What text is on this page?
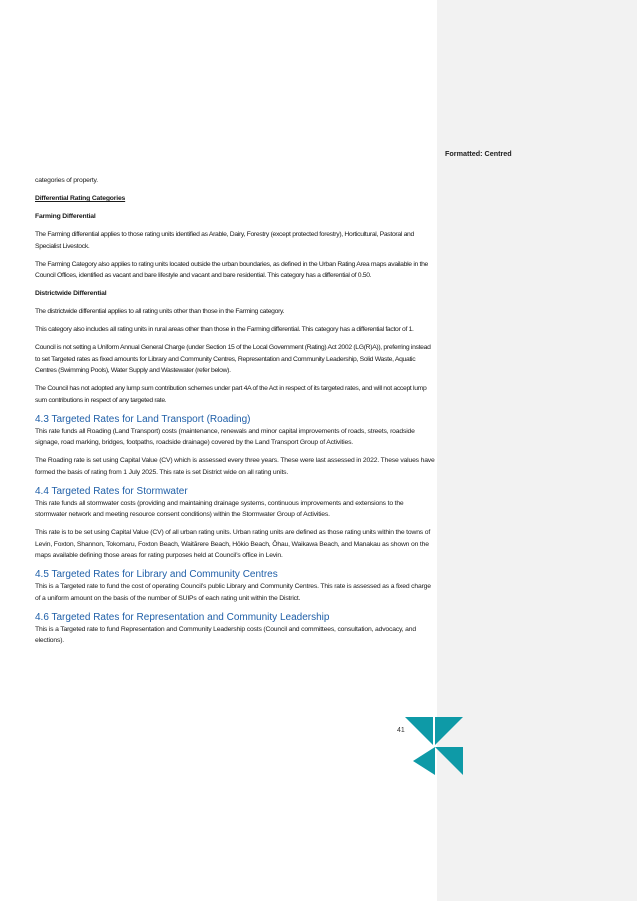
Formatted: Centred

categories of property.

Differential Rating Categories

Farming Differential

The Farming differential applies to those rating units identified as Arable, Dairy, Forestry (except protected forestry), Horticultural, Pastoral and Specialist Livestock.

The Farming Category also applies to rating units located outside the urban boundaries, as defined in the Urban Rating Area maps available in the Council Offices, identified as vacant and bare lifestyle and vacant and bare residential. This category has a differential of 0.50.

Districtwide Differential

The districtwide differential applies to all rating units other than those in the Farming category.

This category also includes all rating units in rural areas other than those in the Farming differential. This category has a differential factor of 1.

Council is not setting a Uniform Annual General Charge (under Section 15 of the Local Government (Rating) Act 2002 (LG(R)A)), preferring instead to set Targeted rates as fixed amounts for Library and Community Centres, Representation and Community Leadership, Solid Waste, Aquatic Centres (Swimming Pools), Water Supply and Wastewater (refer below).

The Council has not adopted any lump sum contribution schemes under part 4A of the Act in respect of its targeted rates, and will not accept lump sum contributions in respect of any targeted rate.

4.3 Targeted Rates for Land Transport (Roading)

This rate funds all Roading (Land Transport) costs (maintenance, renewals and minor capital improvements of roads, streets, roadside signage, road marking, bridges, footpaths, roadside drainage) covered by the Land Transport Group of Activities.

The Roading rate is set using Capital Value (CV) which is assessed every three years. These were last assessed in 2022. These values have formed the basis of rating from 1 July 2025. This rate is set District wide on all rating units.

4.4 Targeted Rates for Stormwater

This rate funds all stormwater costs (providing and maintaining drainage systems, continuous improvements and extensions to the stormwater network and meeting resource consent conditions) within the Stormwater Group of Activities.

This rate is to be set using Capital Value (CV) of all urban rating units. Urban rating units are defined as those rating units within the towns of Levin, Foxton, Shannon, Tokomaru, Foxton Beach, Waitārere Beach, Hōkio Beach, Ōhau, Waikawa Beach, and Manakau as shown on the maps available defining those areas for rating purposes held at Council’s office in Levin.

4.5 Targeted Rates for Library and Community Centres

This is a Targeted rate to fund the cost of operating Council’s public Library and Community Centres. This rate is assessed as a fixed charge of a uniform amount on the basis of the number of SUIPs of each rating unit within the District.

4.6 Targeted Rates for Representation and Community Leadership

This is a Targeted rate to fund Representation and Community Leadership costs (Council and committees, consultation, advocacy, and elections).

41
